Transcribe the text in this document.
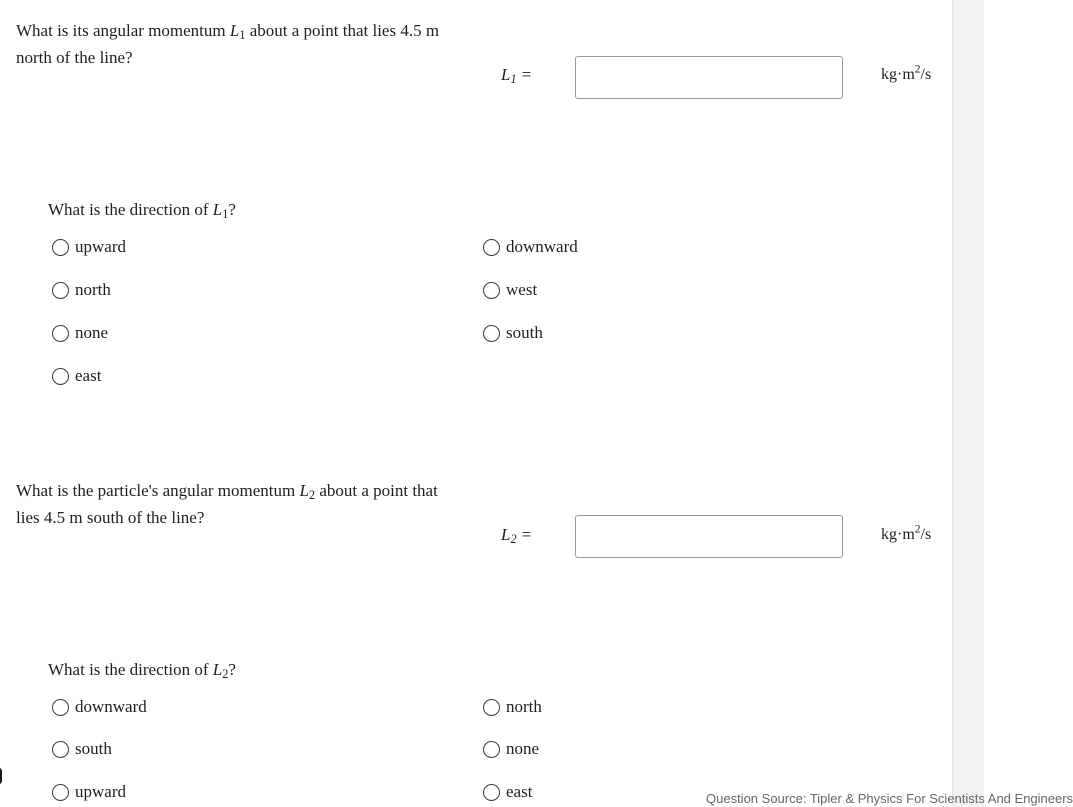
Question Source: Tipler & Physics For Scientists And Engineers
What is its angular momentum $L_1$ about a point that lies 4.5 m north of the line?
$L_1$ =	$kg\cdot m^2/s$
What is the direction of $L_1$?
upward	downward
north	west
none	south
east
What is the particle's angular momentum $L_2$ about a point that lies 4.5 m south of the line?
$L_2$ =	$kg\cdot m^2/s$
What is the direction of $L_2$?
downward	north
south	none
upward	east
